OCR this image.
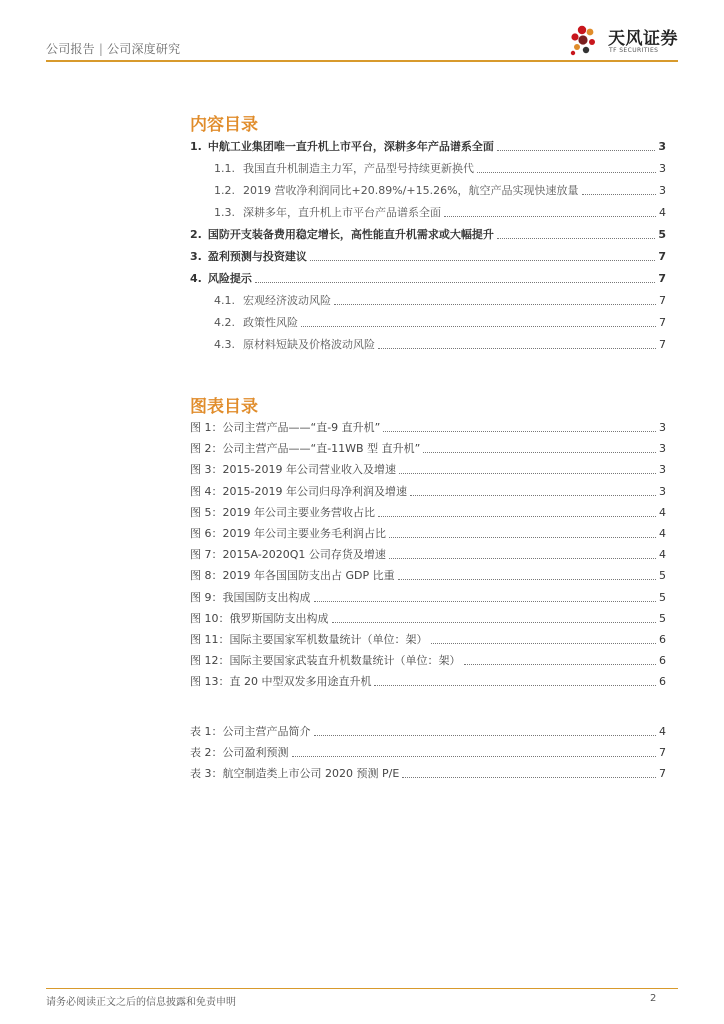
公司报告 | 公司深度研究	天风证券
TF SECURITIES
内容目录
1. 中航工业集团唯一直升机上市平台，深耕多年产品谱系全面	3
1.1. 我国直升机制造主力军，产品型号持续更新换代	3
1.2. 2019 营收净利润同比+20.89%/+15.26%，航空产品实现快速放量	3
1.3. 深耕多年，直升机上市平台产品谱系全面	4
2. 国防开支装备费用稳定增长，高性能直升机需求或大幅提升	5
3. 盈利预测与投资建议	7
4. 风险提示	7
4.1. 宏观经济波动风险	7
4.2. 政策性风险	7
4.3. 原材料短缺及价格波动风险	7
图表目录
图 1：公司主营产品——“直-9 直升机”	3
图 2：公司主营产品——“直-11WB 型 直升机”	3
图 3：2015-2019 年公司营业收入及增速	3
图 4：2015-2019 年公司归母净利润及增速	3
图 5：2019 年公司主要业务营收占比	4
图 6：2019 年公司主要业务毛利润占比	4
图 7：2015A-2020Q1 公司存货及增速	4
图 8：2019 年各国国防支出占 GDP 比重	5
图 9：我国国防支出构成	5
图 10：俄罗斯国防支出构成	5
图 11：国际主要国家军机数量统计（单位：架）	6
图 12：国际主要国家武装直升机数量统计（单位：架）	6
图 13：直 20 中型双发多用途直升机	6
表 1：公司主营产品简介	4
表 2：公司盈利预测	7
表 3：航空制造类上市公司 2020 预测 P/E	7
请务必阅读正文之后的信息披露和免责申明	2
